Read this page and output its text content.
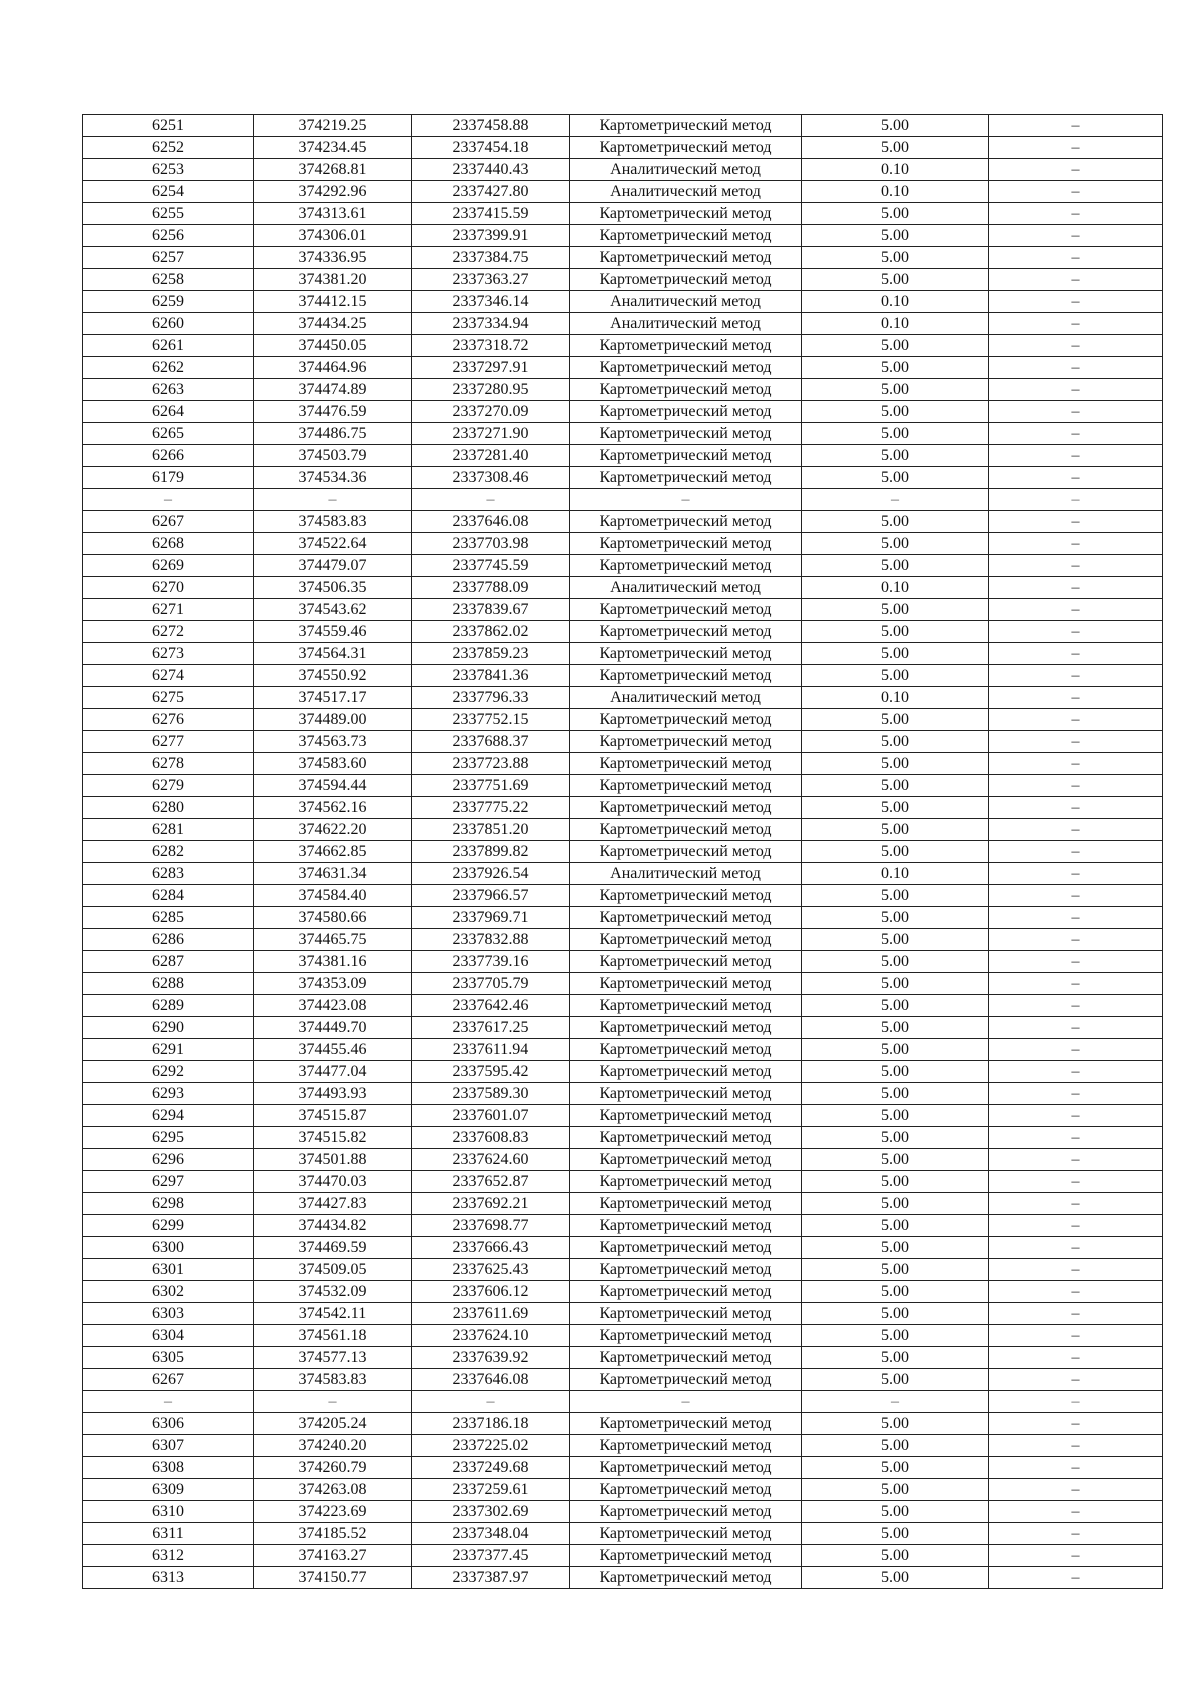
6251	374219.25	2337458.88	Картометрический метод	5.00	–
6252	374234.45	2337454.18	Картометрический метод	5.00	–
6253	374268.81	2337440.43	Аналитический метод	0.10	–
6254	374292.96	2337427.80	Аналитический метод	0.10	–
6255	374313.61	2337415.59	Картометрический метод	5.00	–
6256	374306.01	2337399.91	Картометрический метод	5.00	–
6257	374336.95	2337384.75	Картометрический метод	5.00	–
6258	374381.20	2337363.27	Картометрический метод	5.00	–
6259	374412.15	2337346.14	Аналитический метод	0.10	–
6260	374434.25	2337334.94	Аналитический метод	0.10	–
6261	374450.05	2337318.72	Картометрический метод	5.00	–
6262	374464.96	2337297.91	Картометрический метод	5.00	–
6263	374474.89	2337280.95	Картометрический метод	5.00	–
6264	374476.59	2337270.09	Картометрический метод	5.00	–
6265	374486.75	2337271.90	Картометрический метод	5.00	–
6266	374503.79	2337281.40	Картометрический метод	5.00	–
6179	374534.36	2337308.46	Картометрический метод	5.00	–
–	–	–	–	–	–
6267	374583.83	2337646.08	Картометрический метод	5.00	–
6268	374522.64	2337703.98	Картометрический метод	5.00	–
6269	374479.07	2337745.59	Картометрический метод	5.00	–
6270	374506.35	2337788.09	Аналитический метод	0.10	–
6271	374543.62	2337839.67	Картометрический метод	5.00	–
6272	374559.46	2337862.02	Картометрический метод	5.00	–
6273	374564.31	2337859.23	Картометрический метод	5.00	–
6274	374550.92	2337841.36	Картометрический метод	5.00	–
6275	374517.17	2337796.33	Аналитический метод	0.10	–
6276	374489.00	2337752.15	Картометрический метод	5.00	–
6277	374563.73	2337688.37	Картометрический метод	5.00	–
6278	374583.60	2337723.88	Картометрический метод	5.00	–
6279	374594.44	2337751.69	Картометрический метод	5.00	–
6280	374562.16	2337775.22	Картометрический метод	5.00	–
6281	374622.20	2337851.20	Картометрический метод	5.00	–
6282	374662.85	2337899.82	Картометрический метод	5.00	–
6283	374631.34	2337926.54	Аналитический метод	0.10	–
6284	374584.40	2337966.57	Картометрический метод	5.00	–
6285	374580.66	2337969.71	Картометрический метод	5.00	–
6286	374465.75	2337832.88	Картометрический метод	5.00	–
6287	374381.16	2337739.16	Картометрический метод	5.00	–
6288	374353.09	2337705.79	Картометрический метод	5.00	–
6289	374423.08	2337642.46	Картометрический метод	5.00	–
6290	374449.70	2337617.25	Картометрический метод	5.00	–
6291	374455.46	2337611.94	Картометрический метод	5.00	–
6292	374477.04	2337595.42	Картометрический метод	5.00	–
6293	374493.93	2337589.30	Картометрический метод	5.00	–
6294	374515.87	2337601.07	Картометрический метод	5.00	–
6295	374515.82	2337608.83	Картометрический метод	5.00	–
6296	374501.88	2337624.60	Картометрический метод	5.00	–
6297	374470.03	2337652.87	Картометрический метод	5.00	–
6298	374427.83	2337692.21	Картометрический метод	5.00	–
6299	374434.82	2337698.77	Картометрический метод	5.00	–
6300	374469.59	2337666.43	Картометрический метод	5.00	–
6301	374509.05	2337625.43	Картометрический метод	5.00	–
6302	374532.09	2337606.12	Картометрический метод	5.00	–
6303	374542.11	2337611.69	Картометрический метод	5.00	–
6304	374561.18	2337624.10	Картометрический метод	5.00	–
6305	374577.13	2337639.92	Картометрический метод	5.00	–
6267	374583.83	2337646.08	Картометрический метод	5.00	–
–	–	–	–	–	–
6306	374205.24	2337186.18	Картометрический метод	5.00	–
6307	374240.20	2337225.02	Картометрический метод	5.00	–
6308	374260.79	2337249.68	Картометрический метод	5.00	–
6309	374263.08	2337259.61	Картометрический метод	5.00	–
6310	374223.69	2337302.69	Картометрический метод	5.00	–
6311	374185.52	2337348.04	Картометрический метод	5.00	–
6312	374163.27	2337377.45	Картометрический метод	5.00	–
6313	374150.77	2337387.97	Картометрический метод	5.00	–
